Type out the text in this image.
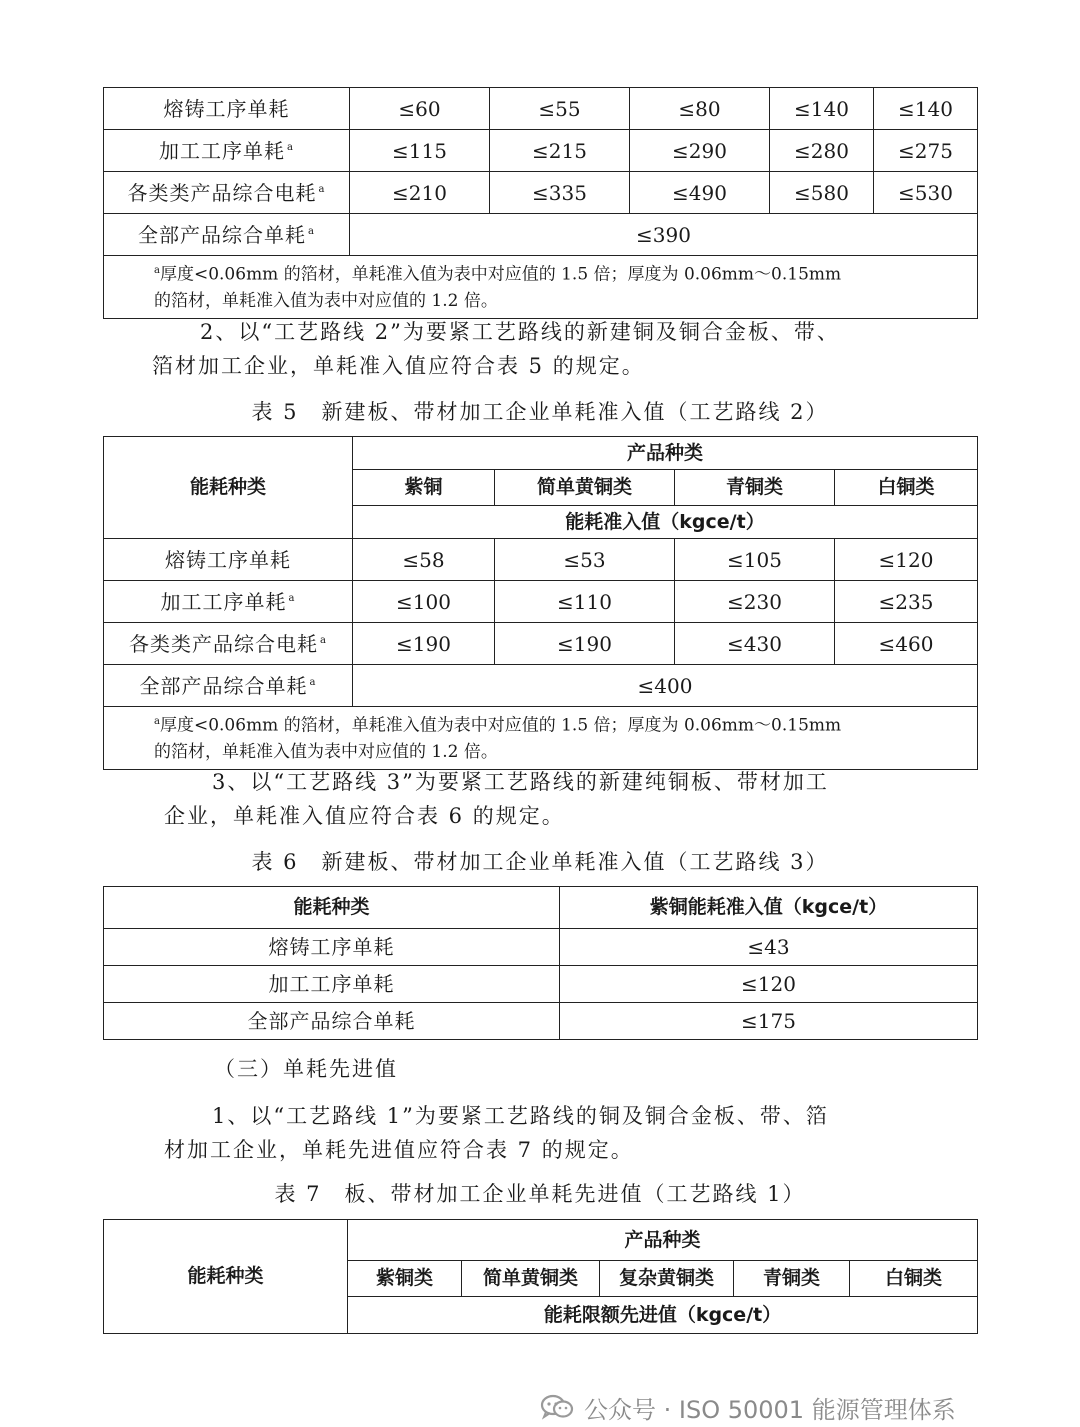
熔铸工序单耗	≤60	≤55	≤80	≤140	≤140
加工工序单耗 $^a$	≤115	≤215	≤290	≤280	≤275
各类类产品综合电耗 $^a$	≤210	≤335	≤490	≤580	≤530
全部产品综合单耗 $^a$	≤390				

$^a$厚度<0.06mm 的箔材，单耗准入值为表中对应值的 1.5 倍；厚度为 0.06mm～0.15mm
的箔材，单耗准入值为表中对应值的 1.2 倍。					
2、以“工艺路线 2”为要紧工艺路线的新建铜及铜合金板、带、
箔材加工企业，单耗准入值应符合表 5 的规定。
表 5　新建板、带材加工企业单耗准入值（工艺路线 2）
能耗种类	产品种类			
	紫铜	简单黄铜类	青铜类	白铜类
	能耗准入值（kgce/t）			
熔铸工序单耗	≤58	≤53	≤105	≤120
加工工序单耗 $^a$	≤100	≤110	≤230	≤235
各类类产品综合电耗 $^a$	≤190	≤190	≤430	≤460
全部产品综合单耗 $^a$	≤400			

$^a$厚度<0.06mm 的箔材，单耗准入值为表中对应值的 1.5 倍；厚度为 0.06mm～0.15mm
的箔材，单耗准入值为表中对应值的 1.2 倍。				
3、以“工艺路线 3”为要紧工艺路线的新建纯铜板、带材加工
企业，单耗准入值应符合表 6 的规定。
表 6　新建板、带材加工企业单耗准入值（工艺路线 3）
能耗种类	紫铜能耗准入值（kgce/t）
熔铸工序单耗	≤43
加工工序单耗	≤120
全部产品综合单耗	≤175
（三）单耗先进值
1、以“工艺路线 1”为要紧工艺路线的铜及铜合金板、带、箔
材加工企业，单耗先进值应符合表 7 的规定。
表 7　板、带材加工企业单耗先进值（工艺路线 1）
能耗种类	产品种类				
	紫铜类	简单黄铜类	复杂黄铜类	青铜类	白铜类
	能耗限额先进值（kgce/t）				
公众号 · ISO 50001 能源管理体系
